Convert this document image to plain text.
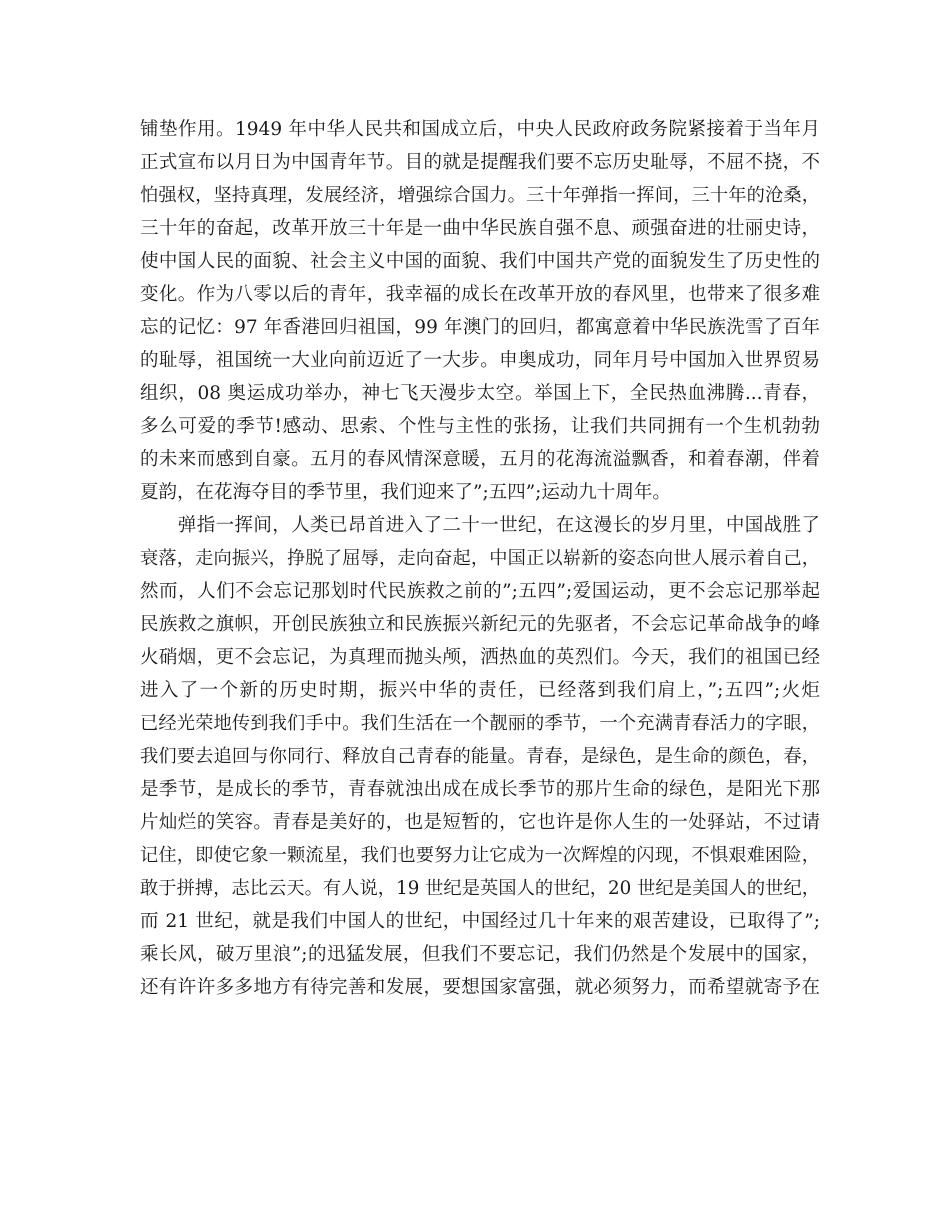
铺垫作用。1949 年中华人民共和国成立后，中央人民政府政务院紧接着于当年月
正式宣布以月日为中国青年节。目的就是提醒我们要不忘历史耻辱，不屈不挠，不
怕强权，坚持真理，发展经济，增强综合国力。三十年弹指一挥间，三十年的沧桑，
三十年的奋起，改革开放三十年是一曲中华民族自强不息、顽强奋进的壮丽史诗，
使中国人民的面貌、社会主义中国的面貌、我们中国共产党的面貌发生了历史性的
变化。作为八零以后的青年，我幸福的成长在改革开放的春风里，也带来了很多难
忘的记忆：97 年香港回归祖国，99 年澳门的回归，都寓意着中华民族洗雪了百年
的耻辱，祖国统一大业向前迈近了一大步。申奥成功，同年月号中国加入世界贸易
组织，08 奥运成功举办，神七飞天漫步太空。举国上下，全民热血沸腾...青春，
多么可爱的季节!感动、思索、个性与主性的张扬，让我们共同拥有一个生机勃勃
的未来而感到自豪。五月的春风情深意暖，五月的花海流溢飘香，和着春潮，伴着
夏韵，在花海夺目的季节里，我们迎来了”;五四”;运动九十周年。
　　弹指一挥间，人类已昂首进入了二十一世纪，在这漫长的岁月里，中国战胜了
衰落，走向振兴，挣脱了屈辱，走向奋起，中国正以崭新的姿态向世人展示着自己，
然而，人们不会忘记那划时代民族救之前的”;五四”;爱国运动，更不会忘记那举起
民族救之旗帜，开创民族独立和民族振兴新纪元的先驱者，不会忘记革命战争的峰
火硝烟，更不会忘记，为真理而抛头颅，洒热血的英烈们。今天，我们的祖国已经
进入了一个新的历史时期，振兴中华的责任，已经落到我们肩上，”;五四”;火炬
已经光荣地传到我们手中。我们生活在一个靓丽的季节，一个充满青春活力的字眼，
我们要去追回与你同行、释放自己青春的能量。青春，是绿色，是生命的颜色，春，
是季节，是成长的季节，青春就浊出成在成长季节的那片生命的绿色，是阳光下那
片灿烂的笑容。青春是美好的，也是短暂的，它也许是你人生的一处驿站，不过请
记住，即使它象一颗流星，我们也要努力让它成为一次辉煌的闪现，不惧艰难困险，
敢于拼搏，志比云天。有人说，19 世纪是英国人的世纪，20 世纪是美国人的世纪，
而 21 世纪，就是我们中国人的世纪，中国经过几十年来的艰苦建设，已取得了”;
乘长风，破万里浪”;的迅猛发展，但我们不要忘记，我们仍然是个发展中的国家，
还有许许多多地方有待完善和发展，要想国家富强，就必须努力，而希望就寄予在
